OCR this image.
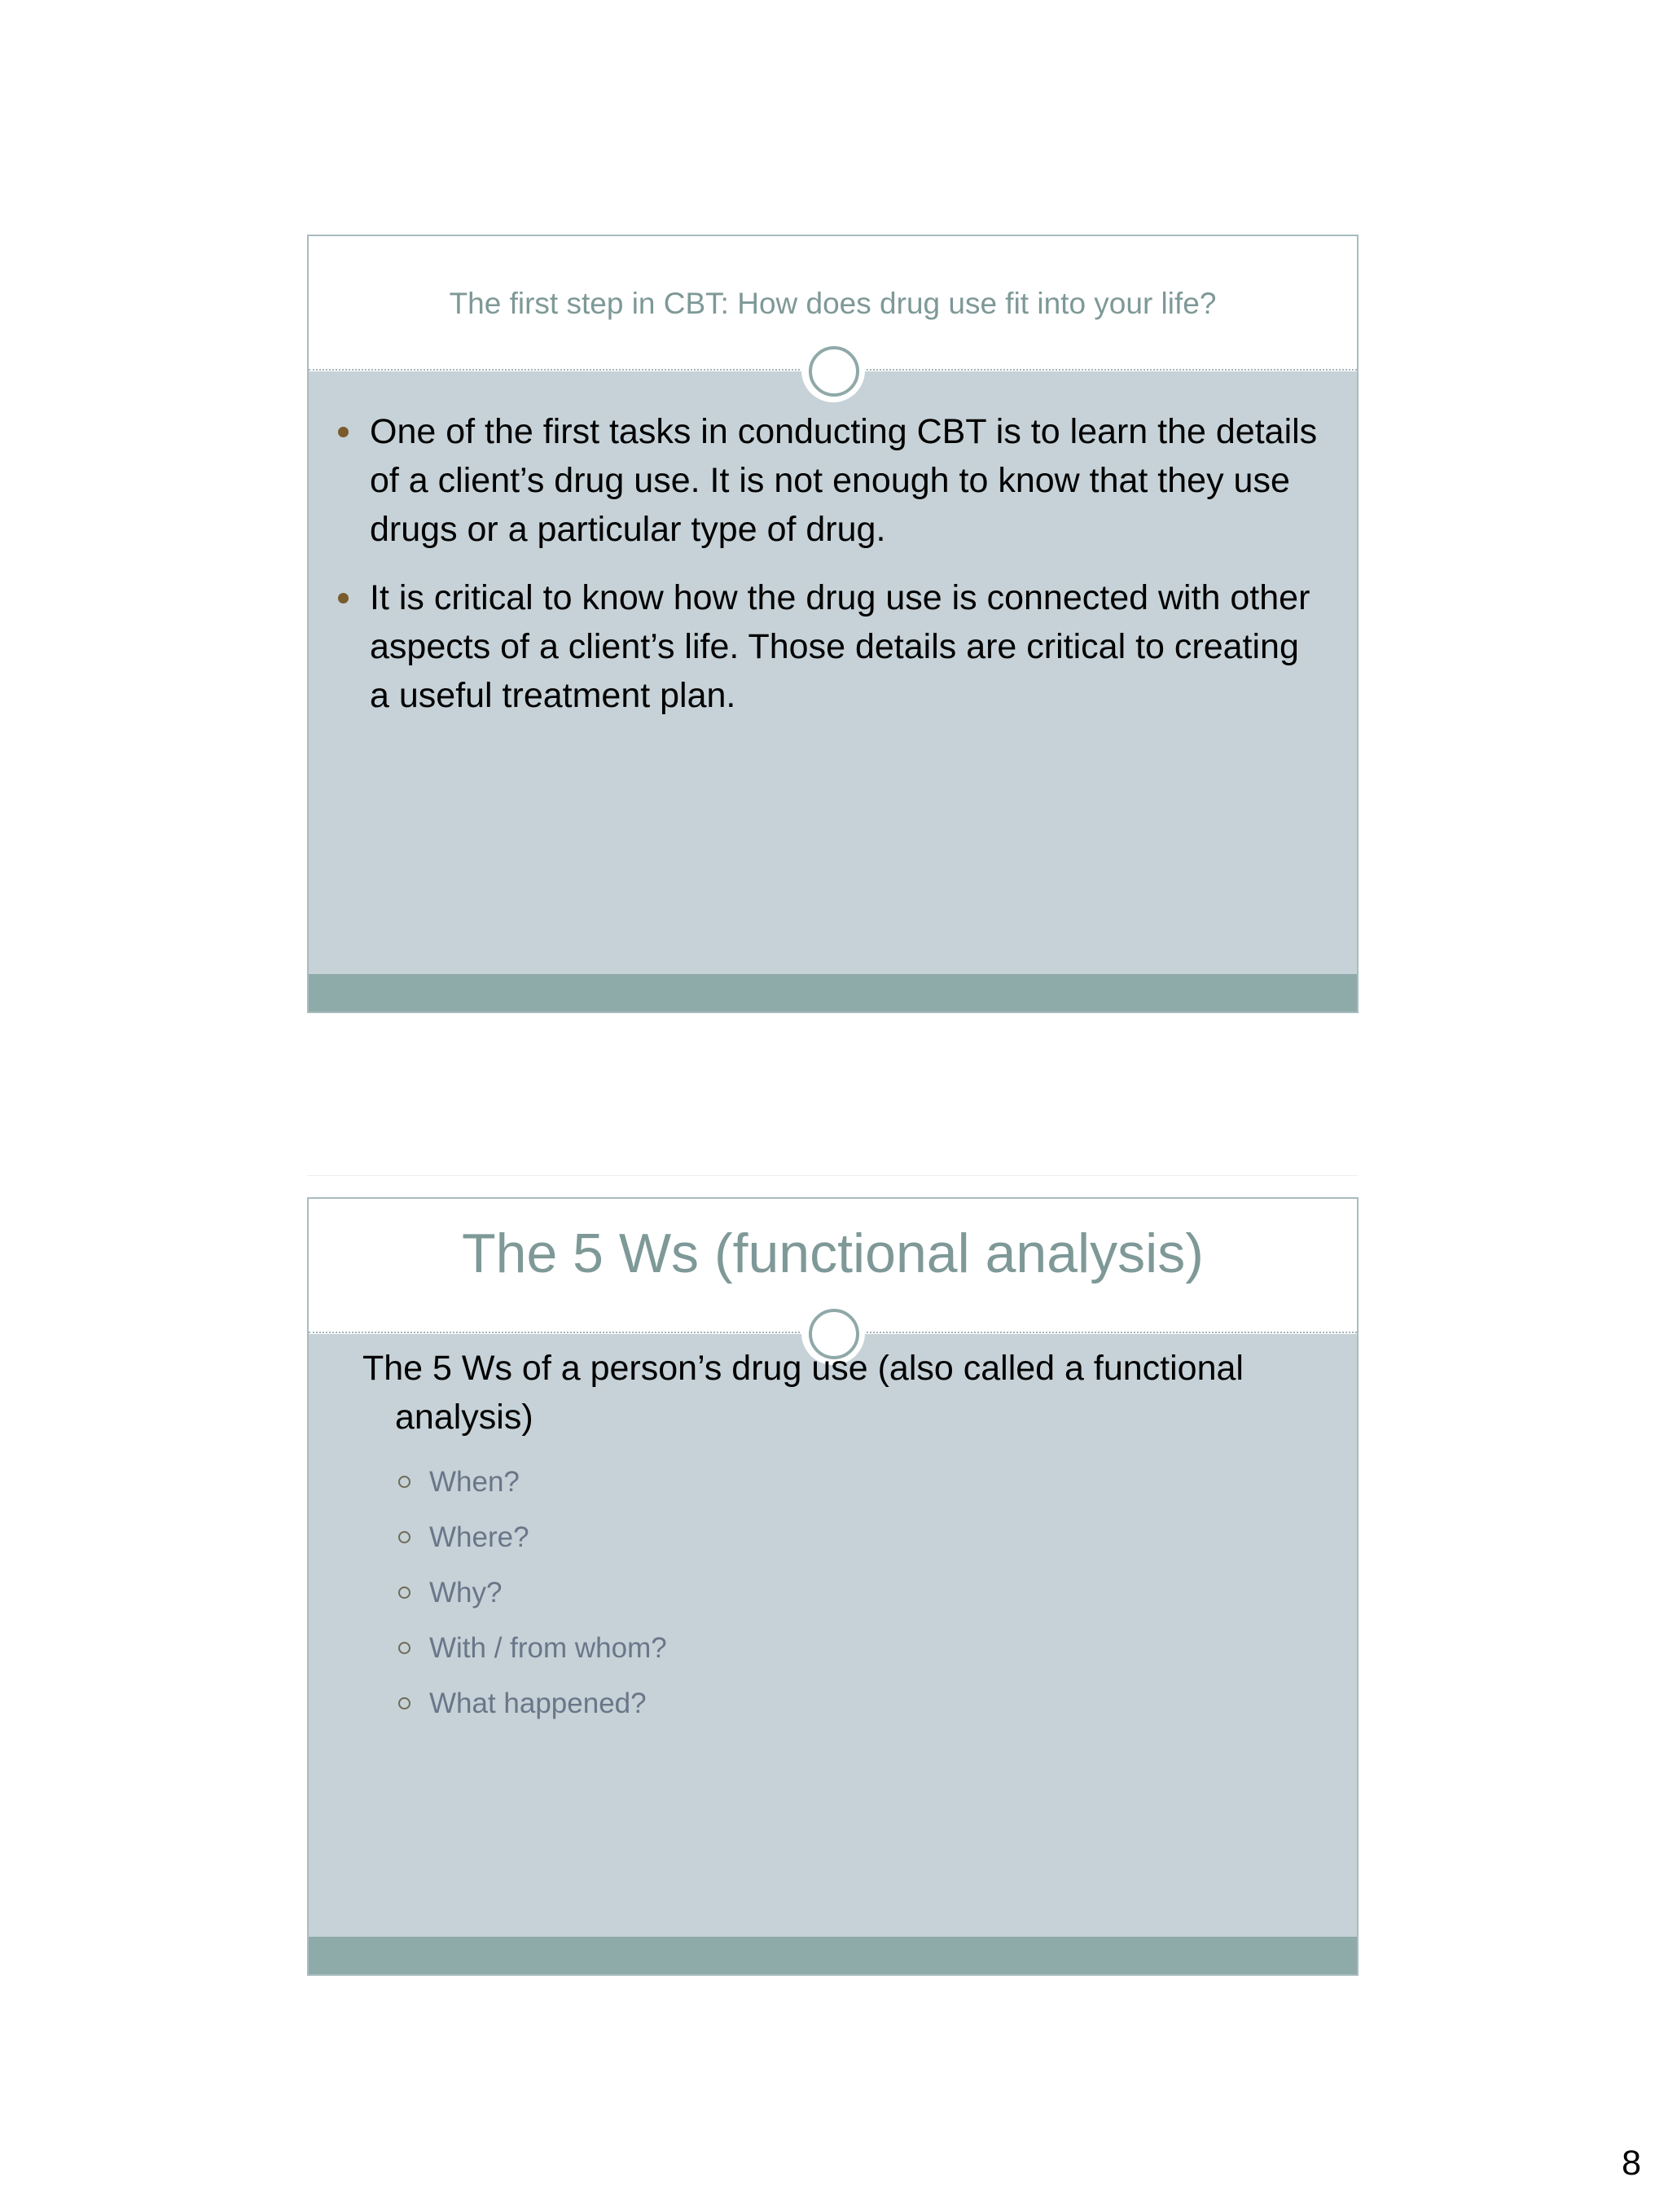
The first step in CBT: How does drug use fit into your life?
One of the first tasks in conducting CBT is to learn the details of a client’s drug use. It is not enough to know that they use drugs or a particular type of drug.
It is critical to know how the drug use is connected with other aspects of a client’s life. Those details are critical to creating a useful treatment plan.
The 5 Ws (functional analysis)
The 5 Ws of a person’s drug use (also called a functional analysis)
When?
Where?
Why?
With / from whom?
What happened?
8
